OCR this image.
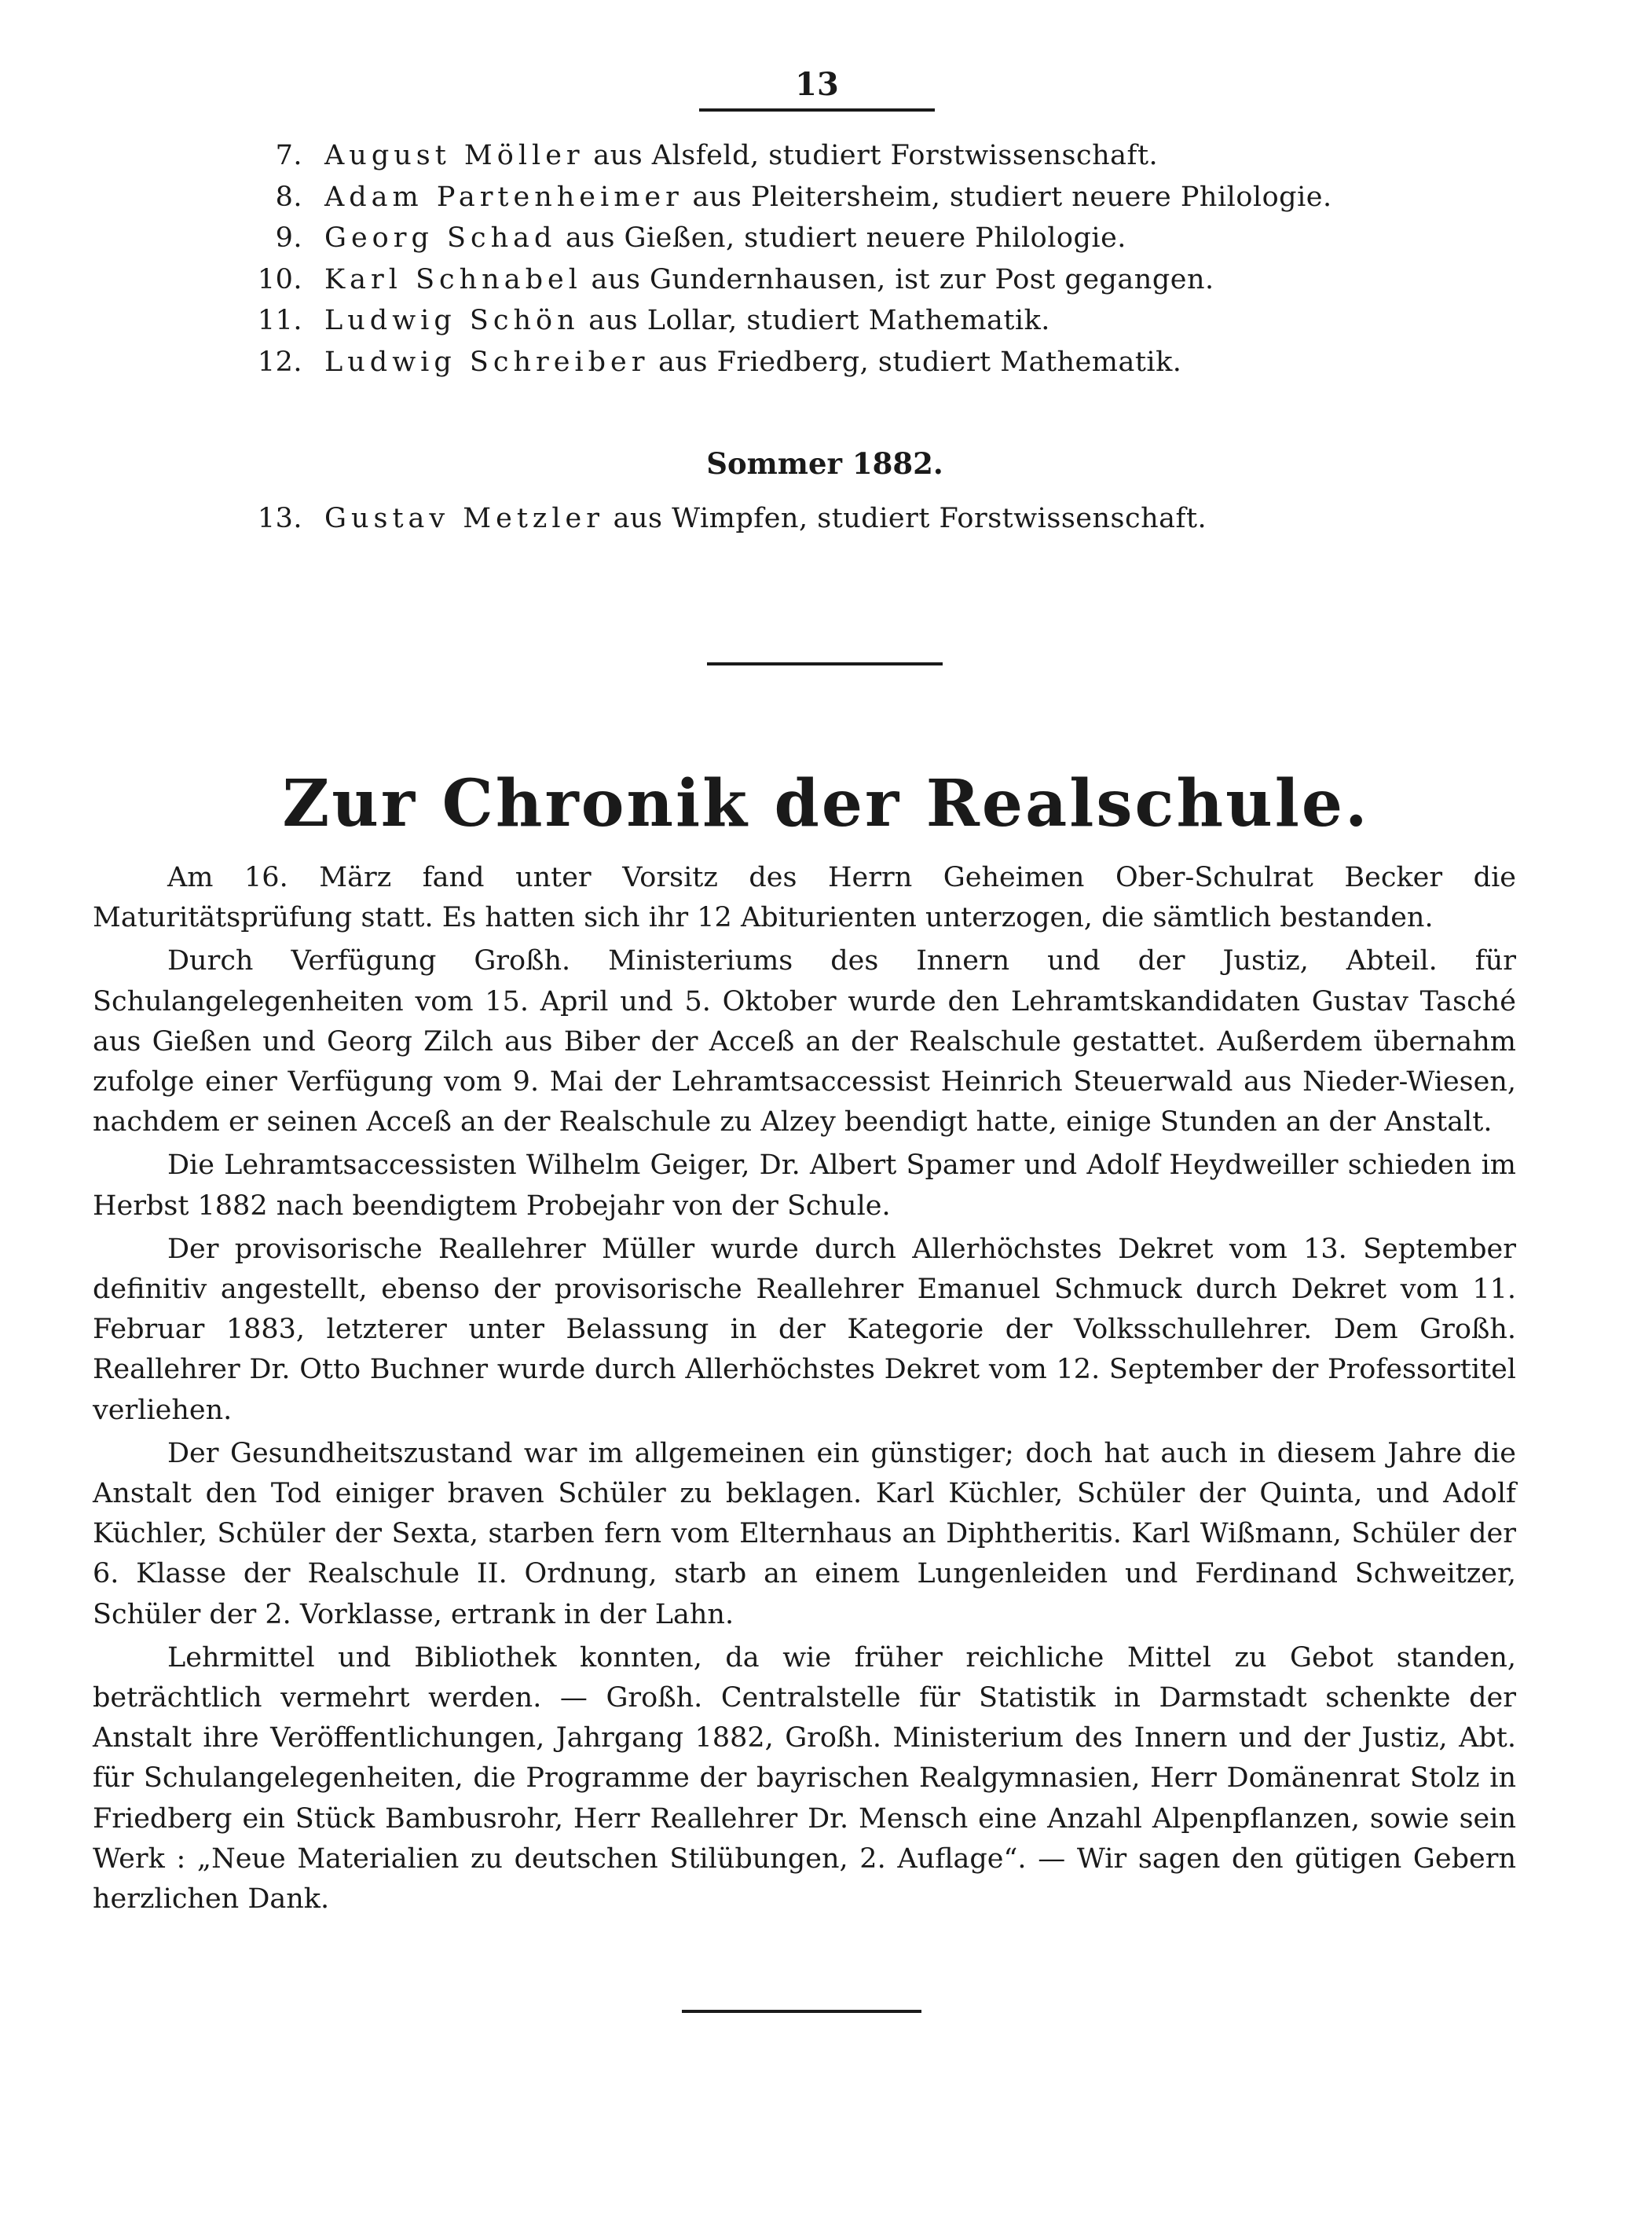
13
7. August Möller aus Alsfeld, studiert Forstwissenschaft.
8. Adam Partenheimer aus Pleitersheim, studiert neuere Philologie.
9. Georg Schad aus Gießen, studiert neuere Philologie.
10. Karl Schnabel aus Gundernhausen, ist zur Post gegangen.
11. Ludwig Schön aus Lollar, studiert Mathematik.
12. Ludwig Schreiber aus Friedberg, studiert Mathematik.
Sommer 1882.
13. Gustav Metzler aus Wimpfen, studiert Forstwissenschaft.
Zur Chronik der Realschule.

Am 16. März fand unter Vorsitz des Herrn Geheimen Ober-Schulrat Becker die Maturitätsprüfung statt. Es hatten sich ihr 12 Abiturienten unterzogen, die sämtlich bestanden.

Durch Verfügung Großh. Ministeriums des Innern und der Justiz, Abteil. für Schulangelegenheiten vom 15. April und 5. Oktober wurde den Lehramtskandidaten Gustav Tasché aus Gießen und Georg Zilch aus Biber der Acceß an der Realschule gestattet. Außerdem übernahm zufolge einer Verfügung vom 9. Mai der Lehramtsaccessist Heinrich Steuerwald aus Nieder-Wiesen, nachdem er seinen Acceß an der Realschule zu Alzey beendigt hatte, einige Stunden an der Anstalt.

Die Lehramtsaccessisten Wilhelm Geiger, Dr. Albert Spamer und Adolf Heydweiller schieden im Herbst 1882 nach beendigtem Probejahr von der Schule.

Der provisorische Reallehrer Müller wurde durch Allerhöchstes Dekret vom 13. September definitiv angestellt, ebenso der provisorische Reallehrer Emanuel Schmuck durch Dekret vom 11. Februar 1883, letzterer unter Belassung in der Kategorie der Volksschullehrer. Dem Großh. Reallehrer Dr. Otto Buchner wurde durch Allerhöchstes Dekret vom 12. September der Professortitel verliehen.

Der Gesundheitszustand war im allgemeinen ein günstiger; doch hat auch in diesem Jahre die Anstalt den Tod einiger braven Schüler zu beklagen. Karl Küchler, Schüler der Quinta, und Adolf Küchler, Schüler der Sexta, starben fern vom Elternhaus an Diphtheritis. Karl Wißmann, Schüler der 6. Klasse der Realschule II. Ordnung, starb an einem Lungenleiden und Ferdinand Schweitzer, Schüler der 2. Vorklasse, ertrank in der Lahn.

Lehrmittel und Bibliothek konnten, da wie früher reichliche Mittel zu Gebot standen, beträchtlich vermehrt werden. — Großh. Centralstelle für Statistik in Darmstadt schenkte der Anstalt ihre Veröffentlichungen, Jahrgang 1882, Großh. Ministerium des Innern und der Justiz, Abt. für Schulangelegenheiten, die Programme der bayrischen Realgymnasien, Herr Domänenrat Stolz in Friedberg ein Stück Bambusrohr, Herr Reallehrer Dr. Mensch eine Anzahl Alpenpflanzen, sowie sein Werk : „Neue Materialien zu deutschen Stilübungen, 2. Auflage“. — Wir sagen den gütigen Gebern herzlichen Dank.
